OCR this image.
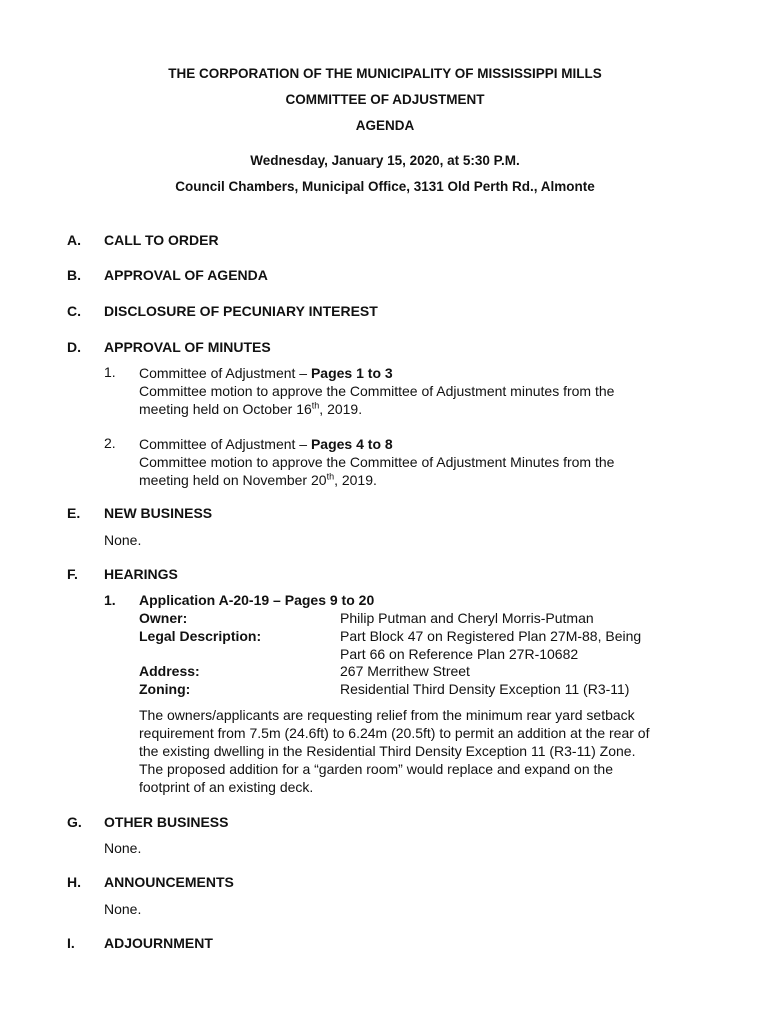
THE CORPORATION OF THE MUNICIPALITY OF MISSISSIPPI MILLS
COMMITTEE OF ADJUSTMENT
AGENDA
Wednesday, January 15, 2020, at 5:30 P.M.
Council Chambers, Municipal Office, 3131 Old Perth Rd., Almonte
A. CALL TO ORDER
B. APPROVAL OF AGENDA
C. DISCLOSURE OF PECUNIARY INTEREST
D. APPROVAL OF MINUTES
1. Committee of Adjustment – Pages 1 to 3
Committee motion to approve the Committee of Adjustment minutes from the
meeting held on October 16th, 2019.
2. Committee of Adjustment – Pages 4 to 8
Committee motion to approve the Committee of Adjustment Minutes from the
meeting held on November 20th, 2019.
E. NEW BUSINESS
None.
F. HEARINGS
1. Application A-20-19 – Pages 9 to 20
Owner:	Philip Putman and Cheryl Morris-Putman
Legal Description:	Part Block 47 on Registered Plan 27M-88, Being
Part 66 on Reference Plan 27R-10682
Address:	267 Merrithew Street
Zoning:	Residential Third Density Exception 11 (R3-11)
The owners/applicants are requesting relief from the minimum rear yard setback
requirement from 7.5m (24.6ft) to 6.24m (20.5ft) to permit an addition at the rear of
the existing dwelling in the Residential Third Density Exception 11 (R3-11) Zone.
The proposed addition for a “garden room” would replace and expand on the
footprint of an existing deck.
G. OTHER BUSINESS
None.
H. ANNOUNCEMENTS
None.
I. ADJOURNMENT
